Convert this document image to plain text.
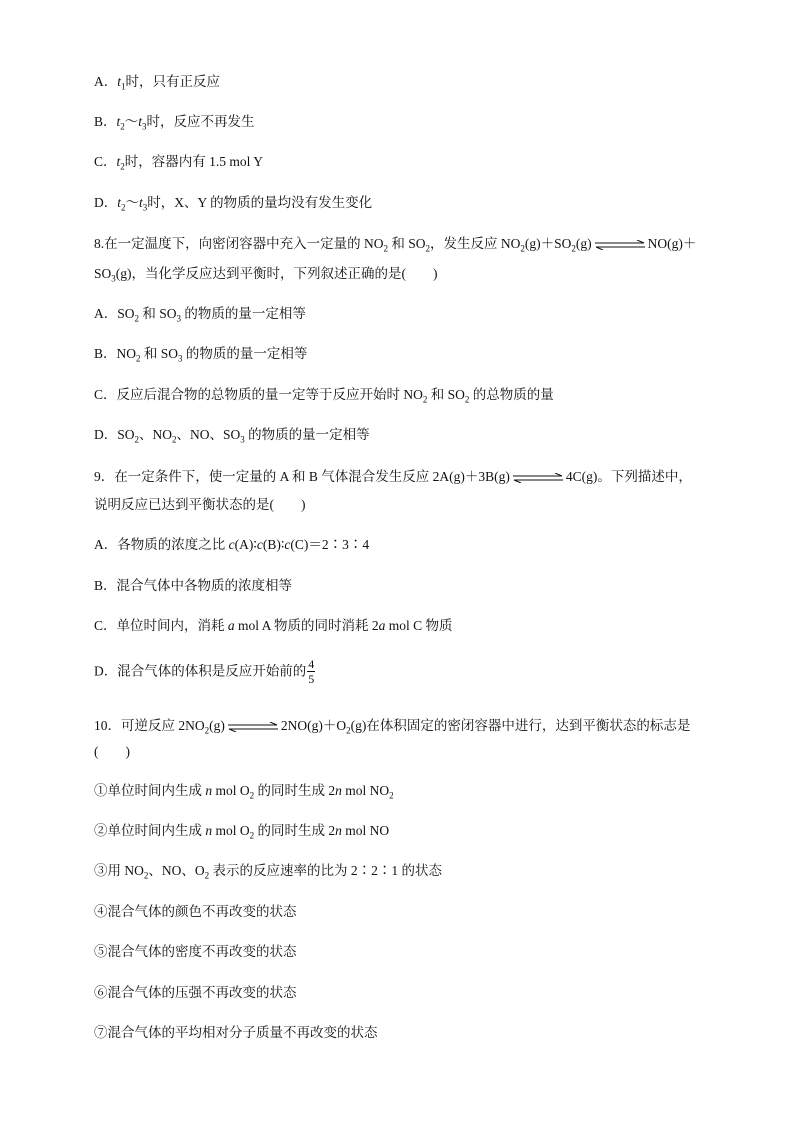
A．$t_1$时，只有正反应
B．$t_2\sim t_3$时，反应不再发生
C．$t_2$时，容器内有 1.5 mol Y
D．$t_2\sim t_3$时，X、Y 的物质的量均没有发生变化
8.在一定温度下，向密闭容器中充入一定量的 $NO_2$ 和 $SO_2$，发生反应 $NO_2(g)+SO_2(g)$ ⇌ NO(g)＋
$SO_3(g)$，当化学反应达到平衡时，下列叙述正确的是(　　)
A．$SO_2$ 和 $SO_3$ 的物质的量一定相等
B．$NO_2$ 和 $SO_3$ 的物质的量一定相等
C．反应后混合物的总物质的量一定等于反应开始时 $NO_2$ 和 $SO_2$ 的总物质的量
D．$SO_2$、$NO_2$、NO、$SO_3$ 的物质的量一定相等
9．在一定条件下，使一定量的 A 和 B 气体混合发生反应 2A(g)＋3B(g) ⇌ 4C(g)。下列描述中，
说明反应已达到平衡状态的是(　　)
A．各物质的浓度之比 c(A)∶c(B)∶c(C)＝2∶3∶4
B．混合气体中各物质的浓度相等
C．单位时间内，消耗 a mol A 物质的同时消耗 2a mol C 物质
D．混合气体的体积是反应开始前的 $\frac{4}{5}$
10．可逆反应 $2NO_2(g)$ ⇌ $2NO(g)+O_2(g)$在体积固定的密闭容器中进行，达到平衡状态的标志是
(　　)
①单位时间内生成 n mol $O_2$ 的同时生成 2n mol $NO_2$
②单位时间内生成 n mol $O_2$ 的同时生成 2n mol NO
③用 $NO_2$、NO、$O_2$ 表示的反应速率的比为 2∶2∶1 的状态
④混合气体的颜色不再改变的状态
⑤混合气体的密度不再改变的状态
⑥混合气体的压强不再改变的状态
⑦混合气体的平均相对分子质量不再改变的状态
